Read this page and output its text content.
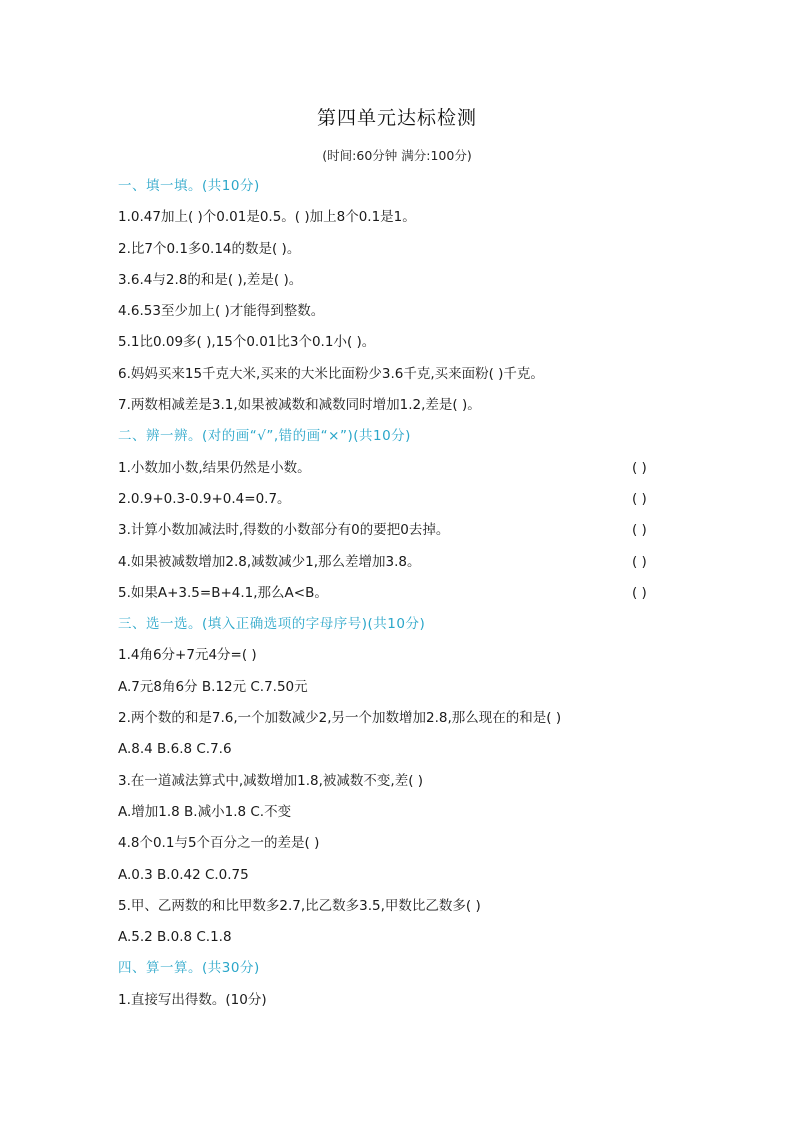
第四单元达标检测
(时间:60分钟 满分:100分)
一、填一填。(共10分)
1.0.47加上( )个0.01是0.5。( )加上8个0.1是1。
2.比7个0.1多0.14的数是( )。
3.6.4与2.8的和是( ),差是( )。
4.6.53至少加上( )才能得到整数。
5.1比0.09多( ),15个0.01比3个0.1小( )。
6.妈妈买来15千克大米,买来的大米比面粉少3.6千克,买来面粉( )千克。
7.两数相减差是3.1,如果被减数和减数同时增加1.2,差是( )。
二、辨一辨。(对的画“√”,错的画“×”)(共10分)
1.小数加小数,结果仍然是小数。	( )
2.0.9+0.3-0.9+0.4=0.7。	( )
3.计算小数加减法时,得数的小数部分有0的要把0去掉。	( )
4.如果被减数增加2.8,减数减少1,那么差增加3.8。	( )
5.如果A+3.5=B+4.1,那么A<B。	( )
三、选一选。(填入正确选项的字母序号)(共10分)
1.4角6分+7元4分=( )
A.7元8角6分 B.12元 C.7.50元
2.两个数的和是7.6,一个加数减少2,另一个加数增加2.8,那么现在的和是( )
A.8.4 B.6.8 C.7.6
3.在一道减法算式中,减数增加1.8,被减数不变,差( )
A.增加1.8 B.减小1.8 C.不变
4.8个0.1与5个百分之一的差是( )
A.0.3 B.0.42 C.0.75
5.甲、乙两数的和比甲数多2.7,比乙数多3.5,甲数比乙数多( )
A.5.2 B.0.8 C.1.8
四、算一算。(共30分)
1.直接写出得数。(10分)
